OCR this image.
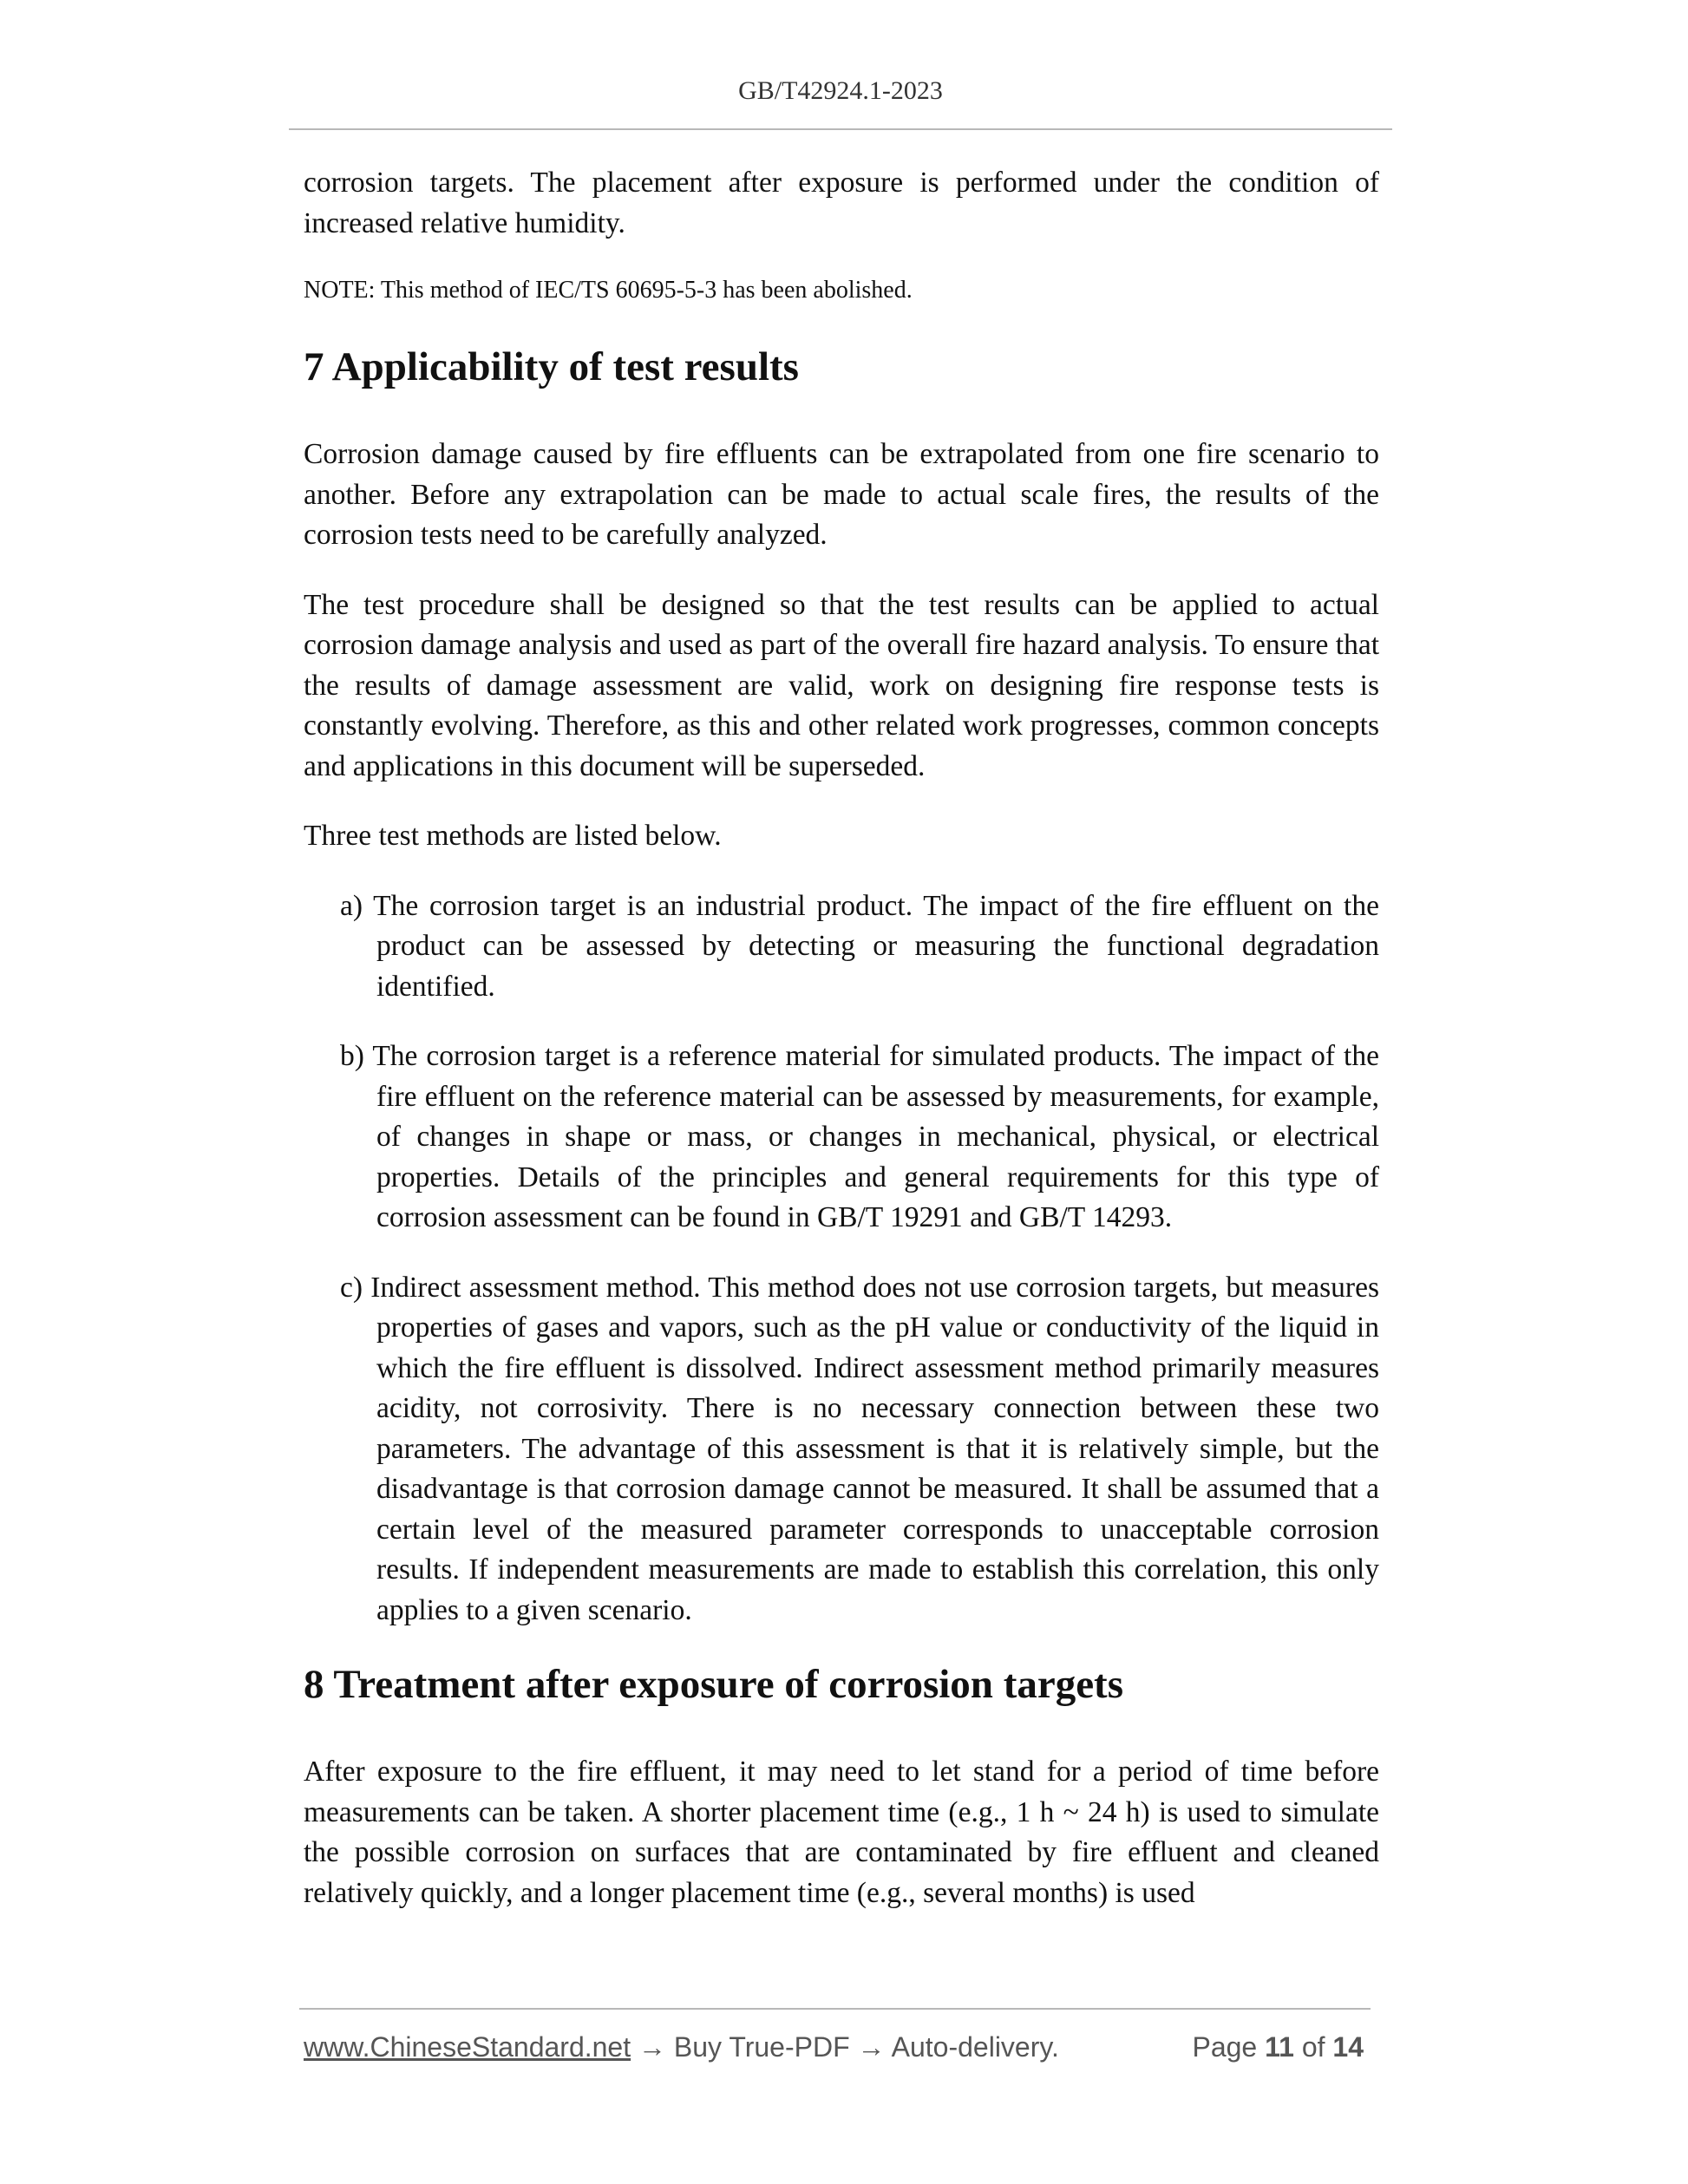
GB/T42924.1-2023

corrosion targets. The placement after exposure is performed under the condition of increased relative humidity.

NOTE: This method of IEC/TS 60695-5-3 has been abolished.

7 Applicability of test results

Corrosion damage caused by fire effluents can be extrapolated from one fire scenario to another. Before any extrapolation can be made to actual scale fires, the results of the corrosion tests need to be carefully analyzed.

The test procedure shall be designed so that the test results can be applied to actual corrosion damage analysis and used as part of the overall fire hazard analysis. To ensure that the results of damage assessment are valid, work on designing fire response tests is constantly evolving. Therefore, as this and other related work progresses, common concepts and applications in this document will be superseded.

Three test methods are listed below.

a) The corrosion target is an industrial product. The impact of the fire effluent on the product can be assessed by detecting or measuring the functional degradation identified.

b) The corrosion target is a reference material for simulated products. The impact of the fire effluent on the reference material can be assessed by measurements, for example, of changes in shape or mass, or changes in mechanical, physical, or electrical properties. Details of the principles and general requirements for this type of corrosion assessment can be found in GB/T 19291 and GB/T 14293.

c) Indirect assessment method. This method does not use corrosion targets, but measures properties of gases and vapors, such as the pH value or conductivity of the liquid in which the fire effluent is dissolved. Indirect assessment method primarily measures acidity, not corrosivity. There is no necessary connection between these two parameters. The advantage of this assessment is that it is relatively simple, but the disadvantage is that corrosion damage cannot be measured. It shall be assumed that a certain level of the measured parameter corresponds to unacceptable corrosion results. If independent measurements are made to establish this correlation, this only applies to a given scenario.

8 Treatment after exposure of corrosion targets

After exposure to the fire effluent, it may need to let stand for a period of time before measurements can be taken. A shorter placement time (e.g., 1 h ~ 24 h) is used to simulate the possible corrosion on surfaces that are contaminated by fire effluent and cleaned relatively quickly, and a longer placement time (e.g., several months) is used

www.ChineseStandard.net → Buy True-PDF → Auto-delivery.	Page 11 of 14
